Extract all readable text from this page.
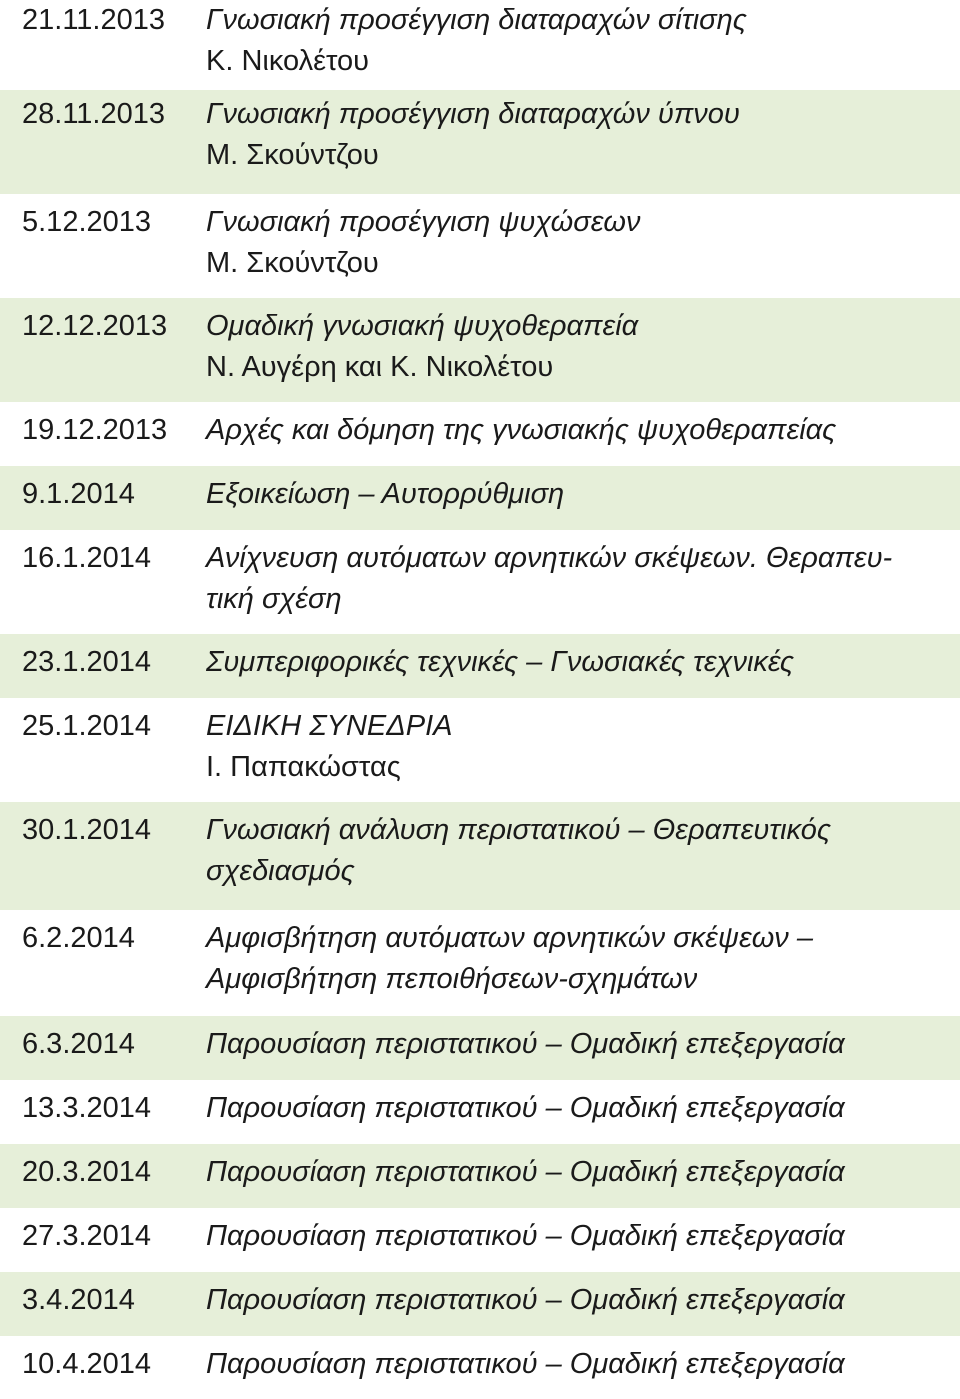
21.11.2013	Γνωσιακή προσέγγιση διαταραχών σίτισης
Κ. Νικολέτου
28.11.2013	Γνωσιακή προσέγγιση διαταραχών ύπνου
Μ. Σκούντζου
5.12.2013	Γνωσιακή προσέγγιση ψυχώσεων
Μ. Σκούντζου
12.12.2013	Ομαδική γνωσιακή ψυχοθεραπεία
Ν. Αυγέρη και Κ. Νικολέτου
19.12.2013	Αρχές και δόμηση της γνωσιακής ψυχοθεραπείας
9.1.2014	Εξοικείωση – Αυτορρύθμιση
16.1.2014	Ανίχνευση αυτόματων αρνητικών σκέψεων. Θεραπευ-
τική σχέση
23.1.2014	Συμπεριφορικές τεχνικές – Γνωσιακές τεχνικές
25.1.2014	ΕΙΔΙΚΗ ΣΥΝΕΔΡΙΑ
Ι. Παπακώστας
30.1.2014	Γνωσιακή ανάλυση περιστατικού – Θεραπευτικός
σχεδιασμός
6.2.2014	Αμφισβήτηση αυτόματων αρνητικών σκέψεων –
Αμφισβήτηση πεποιθήσεων-σχημάτων
6.3.2014	Παρουσίαση περιστατικού – Ομαδική επεξεργασία
13.3.2014	Παρουσίαση περιστατικού – Ομαδική επεξεργασία
20.3.2014	Παρουσίαση περιστατικού – Ομαδική επεξεργασία
27.3.2014	Παρουσίαση περιστατικού – Ομαδική επεξεργασία
3.4.2014	Παρουσίαση περιστατικού – Ομαδική επεξεργασία
10.4.2014	Παρουσίαση περιστατικού – Ομαδική επεξεργασία
